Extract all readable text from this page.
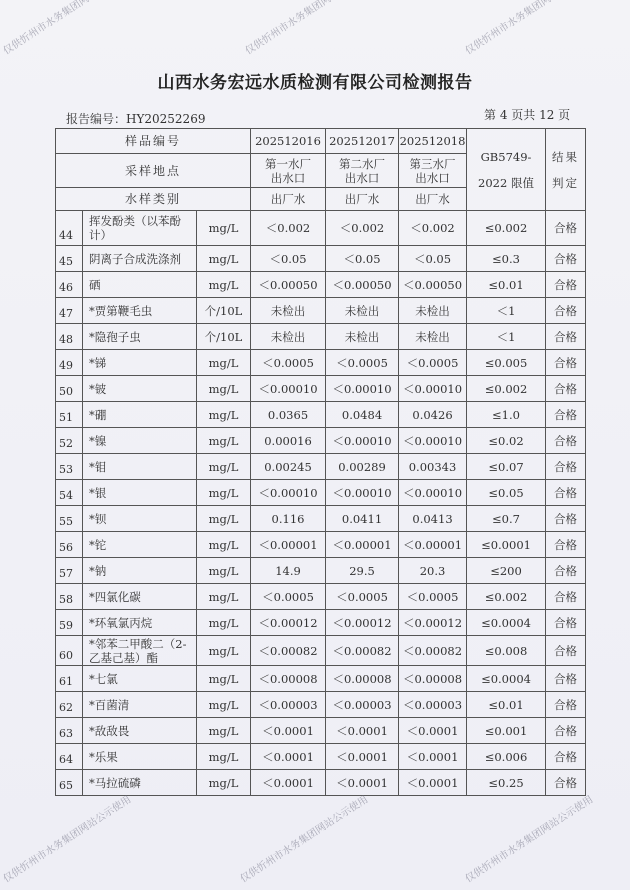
山西水务宏远水质检测有限公司检测报告
报告编号：HY20252269	第 4 页共 12 页
样品编号			202512016	202512017	202512018	GB5749-2022 限值	结果判定
采样地点			第一水厂出水口	第二水厂出水口	第三水厂出水口		
水样类别			出厂水	出厂水	出厂水		
44	挥发酚类（以苯酚计）	mg/L	＜0.002	＜0.002	＜0.002	≤0.002	合格
45	阴离子合成洗涤剂	mg/L	＜0.05	＜0.05	＜0.05	≤0.3	合格
46	硒	mg/L	＜0.00050	＜0.00050	＜0.00050	≤0.01	合格
47	*贾第鞭毛虫	个/10L	未检出	未检出	未检出	＜1	合格
48	*隐孢子虫	个/10L	未检出	未检出	未检出	＜1	合格
49	*锑	mg/L	＜0.0005	＜0.0005	＜0.0005	≤0.005	合格
50	*铍	mg/L	＜0.00010	＜0.00010	＜0.00010	≤0.002	合格
51	*硼	mg/L	0.0365	0.0484	0.0426	≤1.0	合格
52	*镍	mg/L	0.00016	＜0.00010	＜0.00010	≤0.02	合格
53	*钼	mg/L	0.00245	0.00289	0.00343	≤0.07	合格
54	*银	mg/L	＜0.00010	＜0.00010	＜0.00010	≤0.05	合格
55	*钡	mg/L	0.116	0.0411	0.0413	≤0.7	合格
56	*铊	mg/L	＜0.00001	＜0.00001	＜0.00001	≤0.0001	合格
57	*钠	mg/L	14.9	29.5	20.3	≤200	合格
58	*四氯化碳	mg/L	＜0.0005	＜0.0005	＜0.0005	≤0.002	合格
59	*环氧氯丙烷	mg/L	＜0.00012	＜0.00012	＜0.00012	≤0.0004	合格
60	*邻苯二甲酸二（2-乙基己基）酯	mg/L	＜0.00082	＜0.00082	＜0.00082	≤0.008	合格
61	*七氯	mg/L	＜0.00008	＜0.00008	＜0.00008	≤0.0004	合格
62	*百菌清	mg/L	＜0.00003	＜0.00003	＜0.00003	≤0.01	合格
63	*敌敌畏	mg/L	＜0.0001	＜0.0001	＜0.0001	≤0.001	合格
64	*乐果	mg/L	＜0.0001	＜0.0001	＜0.0001	≤0.006	合格
65	*马拉硫磷	mg/L	＜0.0001	＜0.0001	＜0.0001	≤0.25	合格
仅供忻州市水务集团网站公示使用	仅供忻州市水务集团网站公示使用	仅供忻州市水务集团网站公示使用
